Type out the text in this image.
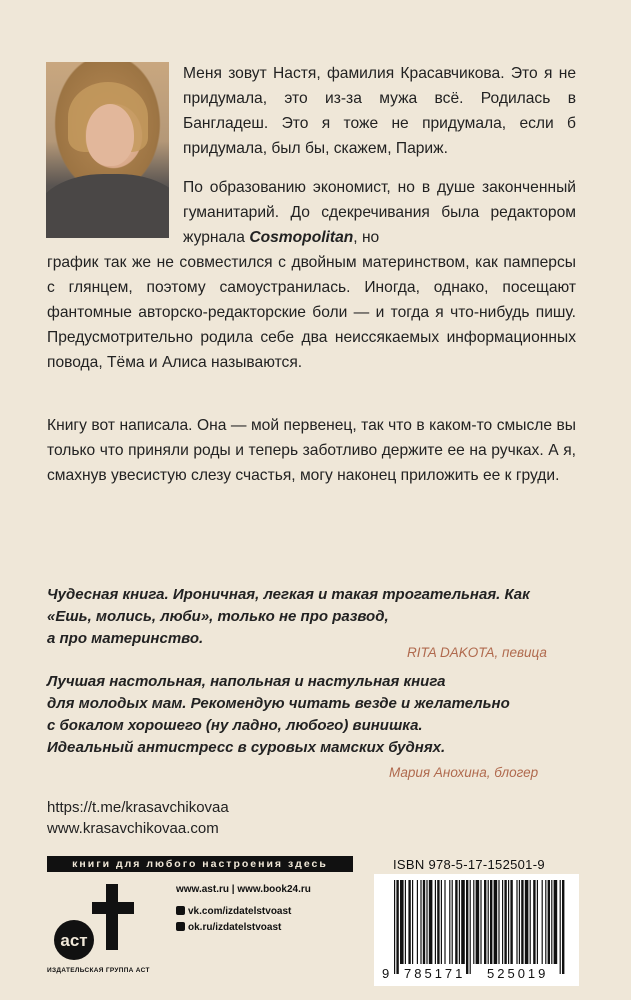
Меня зовут Настя, фамилия Красавчикова. Это я не придумала, это из-за мужа всё. Родилась в Бангладеш. Это я тоже не придумала, если б придумала, был бы, скажем, Париж.

По образованию экономист, но в душе законченный гуманитарий. До сдекречивания была редактором журнала Cosmopolitan, но

график так же не совместился с двойным материнством, как памперсы с глянцем, поэтому самоустранилась. Иногда, однако, посещают фантомные авторско-редакторские боли — и тогда я что-нибудь пишу. Предусмотрительно родила себе два неиссякаемых информационных повода, Тёма и Алиса называются.

Книгу вот написала. Она — мой первенец, так что в каком-то смысле вы только что приняли роды и теперь заботливо держите ее на ручках. А я, смахнув увесистую слезу счастья, могу наконец приложить ее к груди.

Чудесная книга. Ироничная, легкая и такая трогательная. Как
«Ешь, молись, люби», только не про развод,
а про материнство.
RITA DAKOTA, певица
Лучшая настольная, напольная и настульная книга
для молодых мам. Рекомендую читать везде и желательно
с бокалом хорошего (ну ладно, любого) винишка.
Идеальный антистресс в суровых мамских буднях.
Мария Анохина, блогер
https://t.me/krasavchikovaa
www.krasavchikovaa.com
книги для любого настроения здесь
аст
ИЗДАТЕЛЬСКАЯ ГРУППА АСТ
www.ast.ru | www.book24.ru
vk.com/izdatelstvoast
ok.ru/izdatelstvoast
ISBN 978-5-17-152501-9
9 785171 525019
